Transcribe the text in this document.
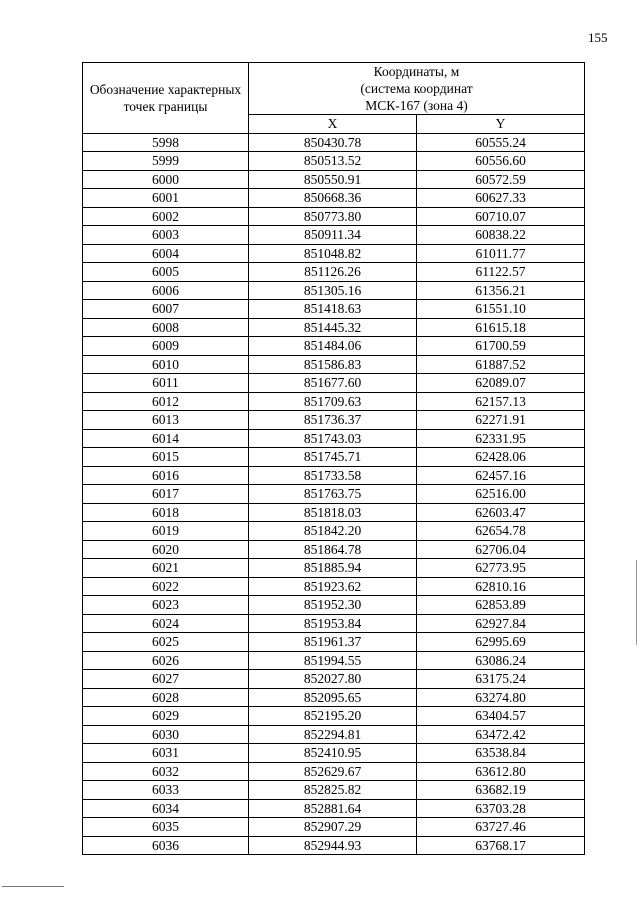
155
Обозначение характерных точек границы	Координаты, м
(система координат
МСК-167 (зона 4)	

	X	Y
5998	850430.78	60555.24
5999	850513.52	60556.60
6000	850550.91	60572.59
6001	850668.36	60627.33
6002	850773.80	60710.07
6003	850911.34	60838.22
6004	851048.82	61011.77
6005	851126.26	61122.57
6006	851305.16	61356.21
6007	851418.63	61551.10
6008	851445.32	61615.18
6009	851484.06	61700.59
6010	851586.83	61887.52
6011	851677.60	62089.07
6012	851709.63	62157.13
6013	851736.37	62271.91
6014	851743.03	62331.95
6015	851745.71	62428.06
6016	851733.58	62457.16
6017	851763.75	62516.00
6018	851818.03	62603.47
6019	851842.20	62654.78
6020	851864.78	62706.04
6021	851885.94	62773.95
6022	851923.62	62810.16
6023	851952.30	62853.89
6024	851953.84	62927.84
6025	851961.37	62995.69
6026	851994.55	63086.24
6027	852027.80	63175.24
6028	852095.65	63274.80
6029	852195.20	63404.57
6030	852294.81	63472.42
6031	852410.95	63538.84
6032	852629.67	63612.80
6033	852825.82	63682.19
6034	852881.64	63703.28
6035	852907.29	63727.46
6036	852944.93	63768.17
